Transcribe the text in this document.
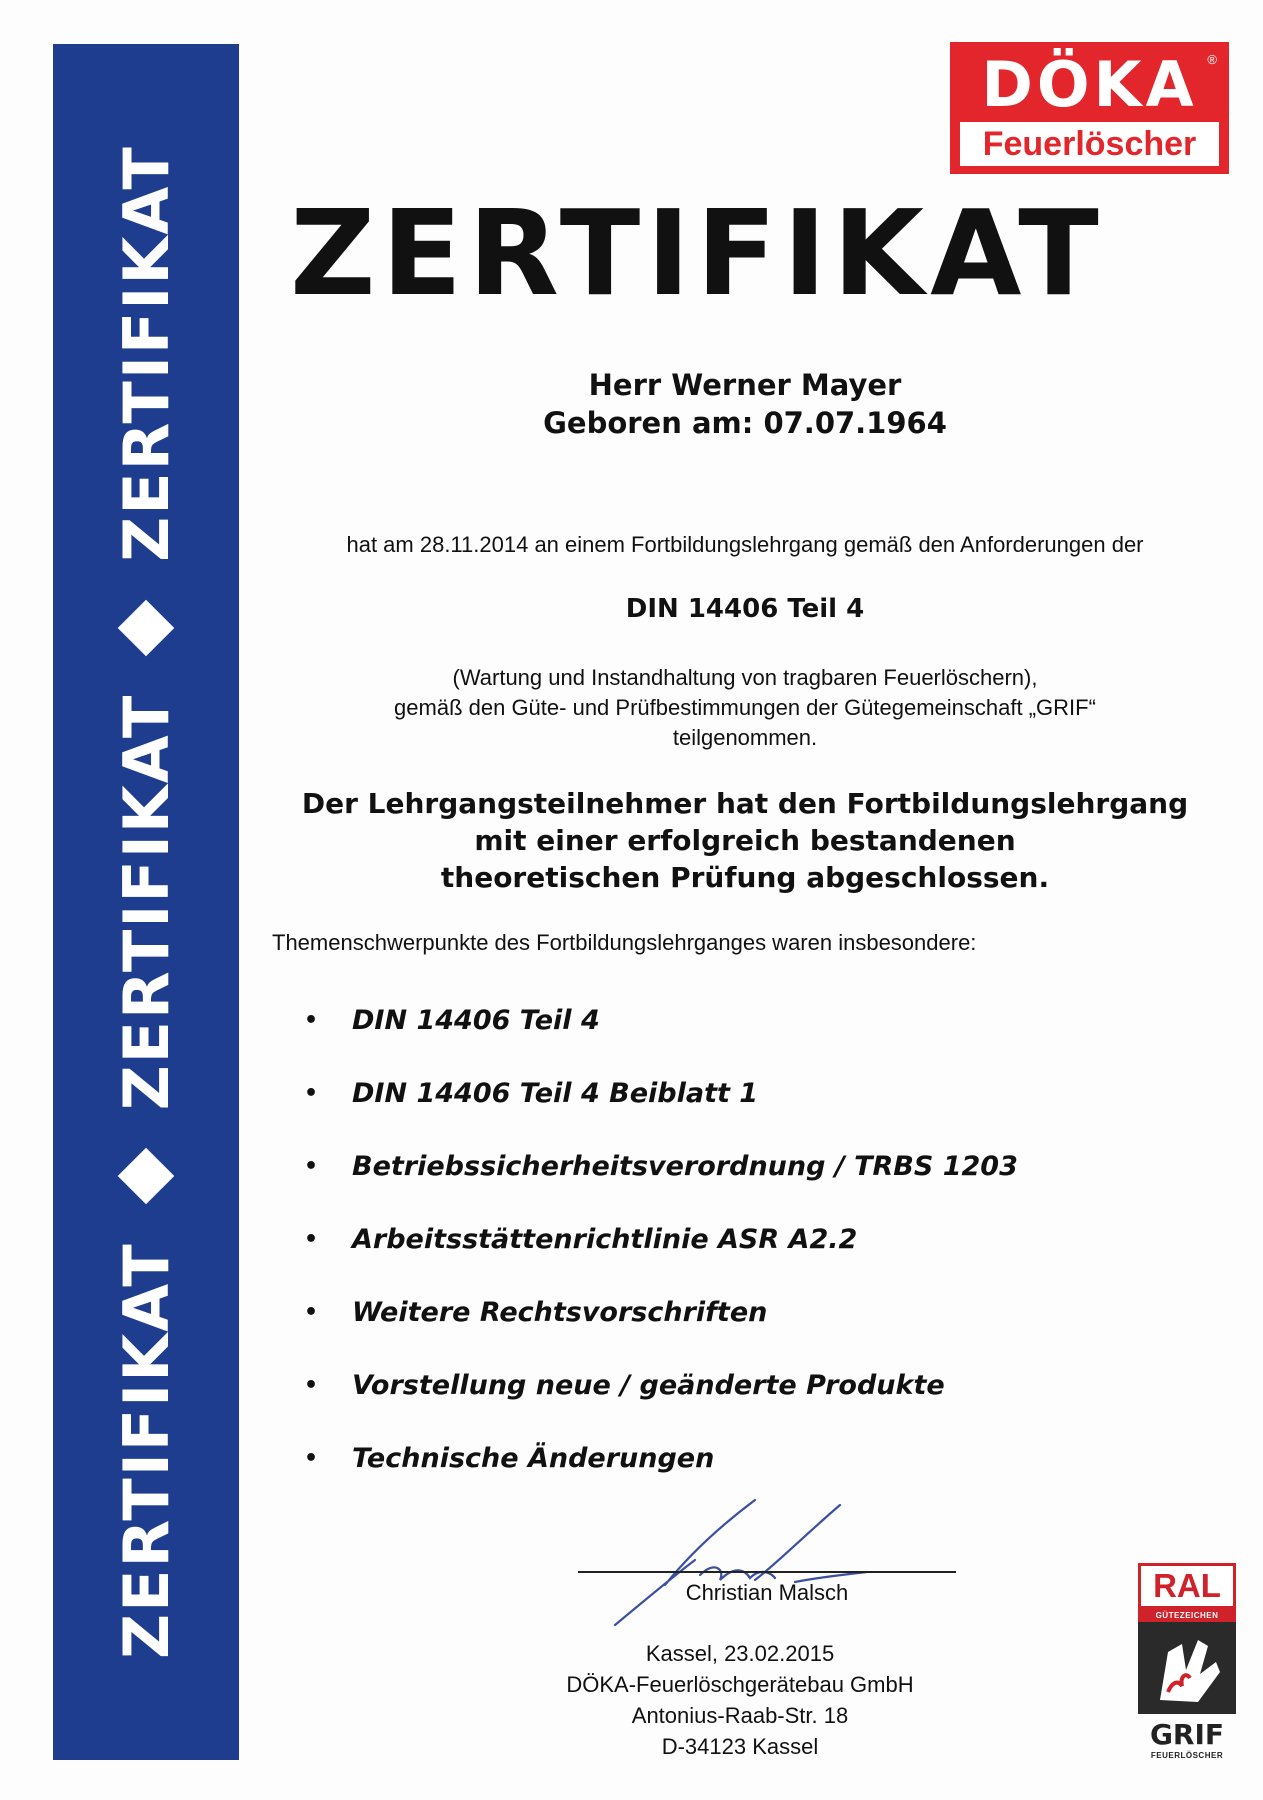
ZERTIFIKAT
ZERTIFIKAT
ZERTIFIKAT
DÖKA
Feuerlöscher
®
ZERTIFIKAT
Herr Werner Mayer
Geboren am: 07.07.1964
hat am 28.11.2014 an einem Fortbildungslehrgang gemäß den Anforderungen der
DIN 14406 Teil 4
(Wartung und Instandhaltung von tragbaren Feuerlöschern),
gemäß den Güte- und Prüfbestimmungen der Gütegemeinschaft „GRIF“
teilgenommen.
Der Lehrgangsteilnehmer hat den Fortbildungslehrgang
mit einer erfolgreich bestandenen
theoretischen Prüfung abgeschlossen.
Themenschwerpunkte des Fortbildungslehrganges waren insbesondere:
•	DIN 14406 Teil 4
•	DIN 14406 Teil 4 Beiblatt 1
•	Betriebssicherheitsverordnung / TRBS 1203
•	Arbeitsstättenrichtlinie ASR A2.2
•	Weitere Rechtsvorschriften
•	Vorstellung neue / geänderte Produkte
•	Technische Änderungen
Christian Malsch
Kassel, 23.02.2015
DÖKA-Feuerlöschgerätebau GmbH
Antonius-Raab-Str. 18
D-34123 Kassel
RAL
GÜTEZEICHEN
GRIF
FEUERLÖSCHER
